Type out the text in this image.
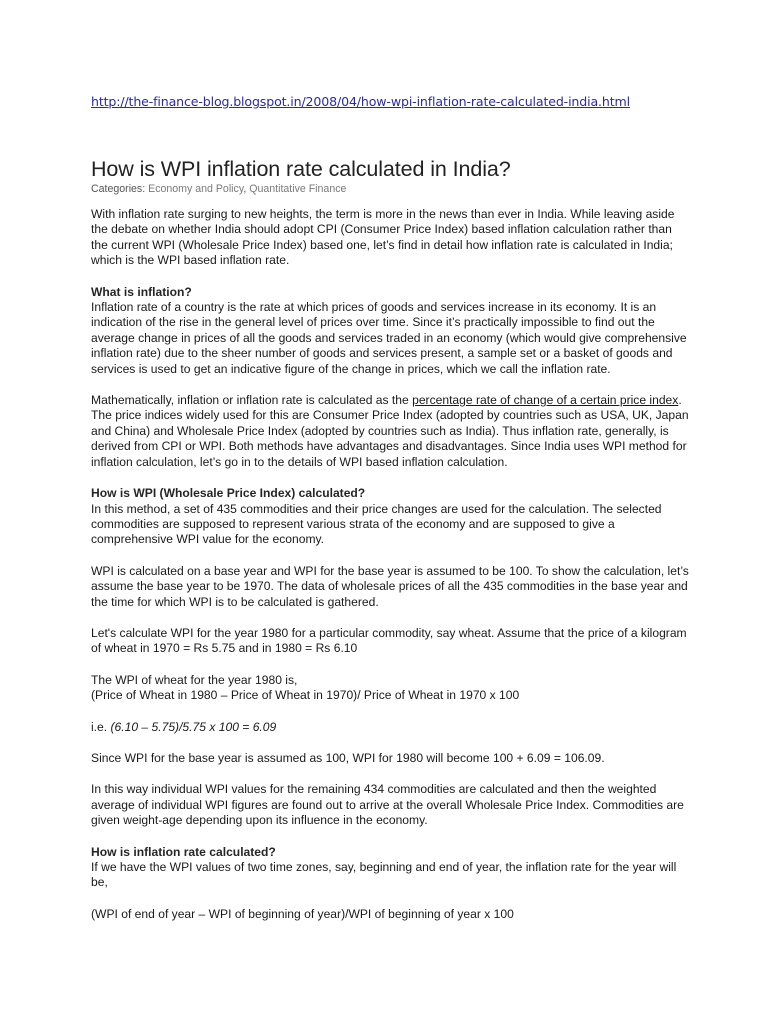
http://the-finance-blog.blogspot.in/2008/04/how-wpi-inflation-rate-calculated-india.html
How is WPI inflation rate calculated in India?
Categories: Economy and Policy, Quantitative Finance

With inflation rate surging to new heights, the term is more in the news than ever in India. While leaving aside the debate on whether India should adopt CPI (Consumer Price Index) based inflation calculation rather than the current WPI (Wholesale Price Index) based one, let’s find in detail how inflation rate is calculated in India; which is the WPI based inflation rate.

What is inflation?

Inflation rate of a country is the rate at which prices of goods and services increase in its economy. It is an indication of the rise in the general level of prices over time. Since it’s practically impossible to find out the average change in prices of all the goods and services traded in an economy (which would give comprehensive inflation rate) due to the sheer number of goods and services present, a sample set or a basket of goods and services is used to get an indicative figure of the change in prices, which we call the inflation rate.

Mathematically, inflation or inflation rate is calculated as the percentage rate of change of a certain price index. The price indices widely used for this are Consumer Price Index (adopted by countries such as USA, UK, Japan and China) and Wholesale Price Index (adopted by countries such as India). Thus inflation rate, generally, is derived from CPI or WPI. Both methods have advantages and disadvantages. Since India uses WPI method for inflation calculation, let’s go in to the details of WPI based inflation calculation.

How is WPI (Wholesale Price Index) calculated?

In this method, a set of 435 commodities and their price changes are used for the calculation. The selected commodities are supposed to represent various strata of the economy and are supposed to give a comprehensive WPI value for the economy.

WPI is calculated on a base year and WPI for the base year is assumed to be 100. To show the calculation, let’s assume the base year to be 1970. The data of wholesale prices of all the 435 commodities in the base year and the time for which WPI is to be calculated is gathered.

Let's calculate WPI for the year 1980 for a particular commodity, say wheat. Assume that the price of a kilogram of wheat in 1970 = Rs 5.75 and in 1980 = Rs 6.10

The WPI of wheat for the year 1980 is,
(Price of Wheat in 1980 – Price of Wheat in 1970)/ Price of Wheat in 1970 x 100

i.e. (6.10 – 5.75)/5.75 x 100 = 6.09

Since WPI for the base year is assumed as 100, WPI for 1980 will become 100 + 6.09 = 106.09.

In this way individual WPI values for the remaining 434 commodities are calculated and then the weighted average of individual WPI figures are found out to arrive at the overall Wholesale Price Index. Commodities are given weight-age depending upon its influence in the economy.

How is inflation rate calculated?

If we have the WPI values of two time zones, say, beginning and end of year, the inflation rate for the year will be,

(WPI of end of year – WPI of beginning of year)/WPI of beginning of year x 100
